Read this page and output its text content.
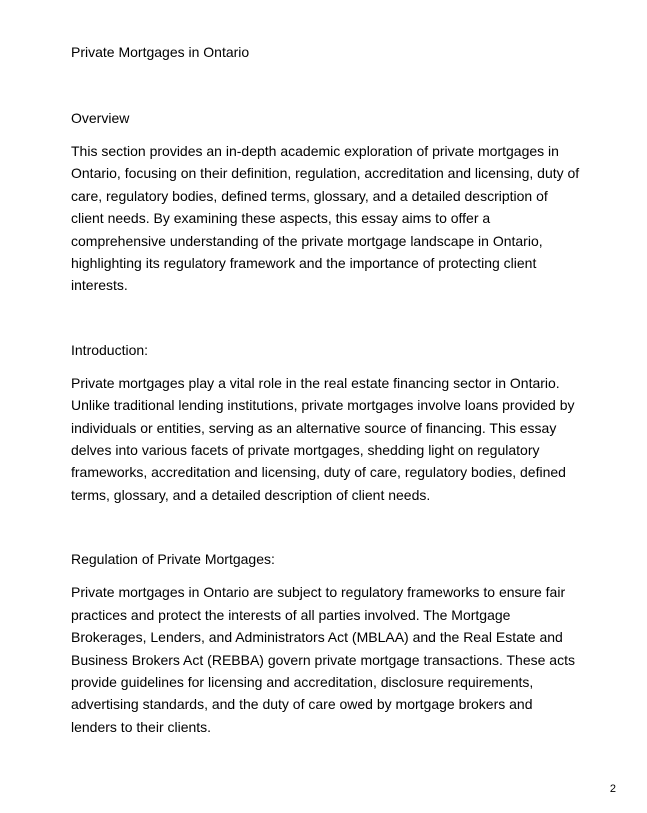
Private Mortgages in Ontario

Overview

This section provides an in-depth academic exploration of private mortgages in Ontario, focusing on their definition, regulation, accreditation and licensing, duty of care, regulatory bodies, defined terms, glossary, and a detailed description of client needs. By examining these aspects, this essay aims to offer a comprehensive understanding of the private mortgage landscape in Ontario, highlighting its regulatory framework and the importance of protecting client interests.

Introduction:

Private mortgages play a vital role in the real estate financing sector in Ontario. Unlike traditional lending institutions, private mortgages involve loans provided by individuals or entities, serving as an alternative source of financing. This essay delves into various facets of private mortgages, shedding light on regulatory frameworks, accreditation and licensing, duty of care, regulatory bodies, defined terms, glossary, and a detailed description of client needs.

Regulation of Private Mortgages:

Private mortgages in Ontario are subject to regulatory frameworks to ensure fair practices and protect the interests of all parties involved. The Mortgage Brokerages, Lenders, and Administrators Act (MBLAA) and the Real Estate and Business Brokers Act (REBBA) govern private mortgage transactions. These acts provide guidelines for licensing and accreditation, disclosure requirements, advertising standards, and the duty of care owed by mortgage brokers and lenders to their clients.

2
